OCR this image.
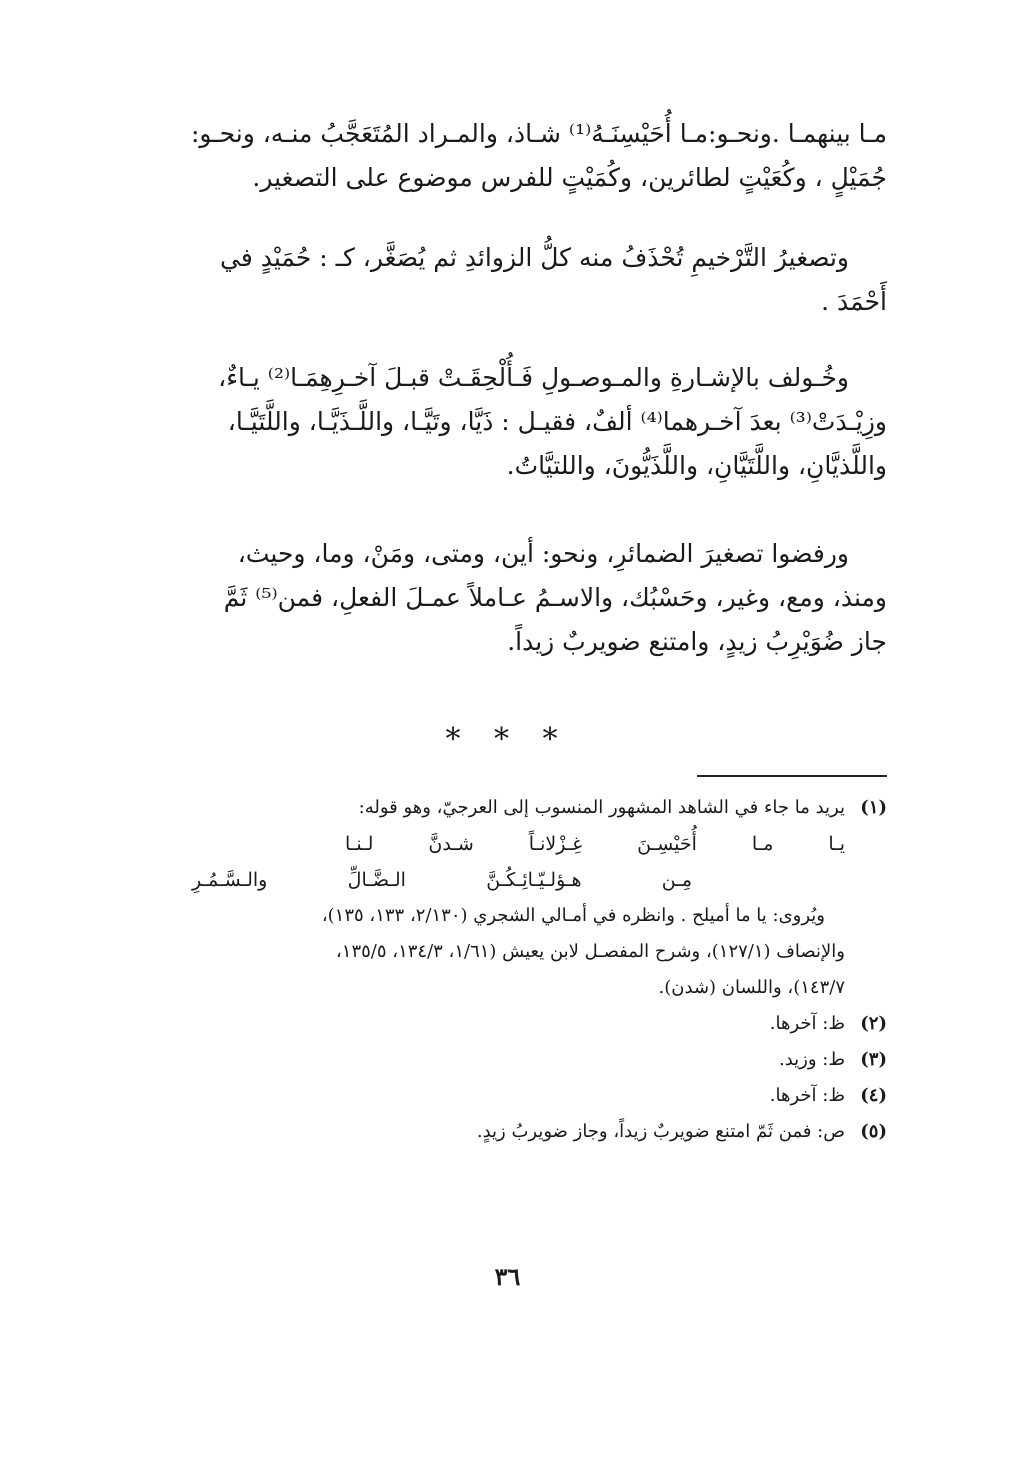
مـا بينهمـا .ونحـو:مـا أُحَيْسِنَـهُ⁽¹⁾ شـاذ، والمـراد المُتَعَجَّبُ منـه، ونحـو:

جُمَيْلٍ ، وكُعَيْتٍ لطائرين، وكُمَيْتٍ للفرس موضوع على التصغير.

وتصغيرُ التَّرْخيمِ تُحْذَفُ منه كلُّ الزوائدِ ثم يُصَغَّر، كـ : حُمَيْدٍ في

أَحْمَدَ .

وخُـولف بالإشـارةِ والمـوصـولِ فَـأُلْحِقَـتْ قبـلَ آخـرِهِمَـا⁽²⁾ يـاءٌ،

وزِيْـدَتْ⁽³⁾ بعدَ آخـرهما⁽⁴⁾ ألفٌ، فقيـل : ذَيَّا، وتَيَّـا، واللَّـذَيَّـا، واللَّتَيَّـا،

واللَّذيَّانِ، واللَّتَيَّانِ، واللَّذَيُّونَ، واللتيَّاتُ.

ورفضوا تصغيرَ الضمائرِ، ونحو: أين، ومتى، ومَنْ، وما، وحيث،

ومنذ، ومع، وغير، وحَسْبُك، والاسـمُ عـاملاً عمـلَ الفعلِ، فمن⁽⁵⁾ ثَمَّ

جاز ضُوَيْرِبُ زيدٍ، وامتنع ضويربٌ زيداً.

* * *
(١)
يريد ما جاء في الشاهد المشهور المنسوب إلى العرجيّ، وهو قوله:
يـا مـا أُحَيْسِـنَ غِـزْلانـاً شـدنَّ لـنـا
مِـن هـؤلـيّـائِـكُـنَّ الـضَّـالِّ والـسَّـمُـرِ
ويُروى: يا ما أميلح . وانظره في أمـالي الشجري (٢/١٣٠، ١٣٣، ١٣٥)،
والإنصاف (١٢٧/١)، وشرح المفصـل لابن يعيش (١/٦١، ١٣٤/٣، ١٣٥/٥،
١٤٣/٧)، واللسان (شدن).
(٢)
ظ: آخرها.
(٣)
ط: وزيد.
(٤)
ظ: آخرها.
(٥)
ص: فمن ثَمّ امتنع ضويربٌ زيداً، وجاز ضويربُ زيدٍ.
٣٦
